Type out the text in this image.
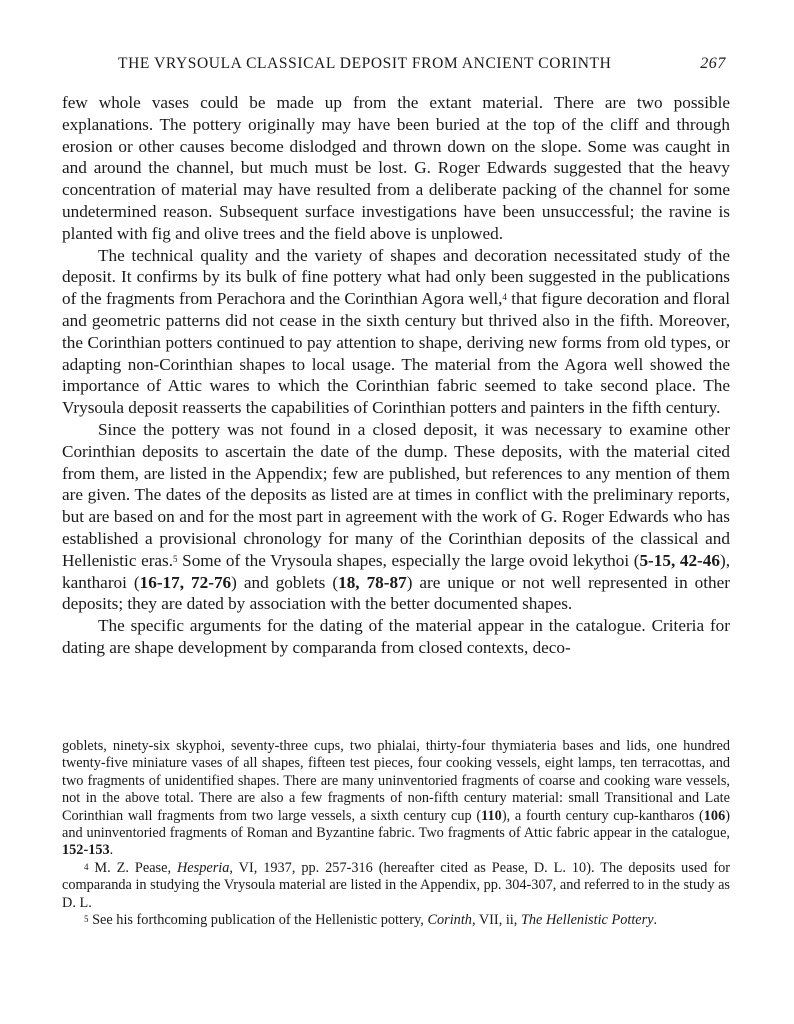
THE VRYSOULA CLASSICAL DEPOSIT FROM ANCIENT CORINTH	267

few whole vases could be made up from the extant material. There are two possible explanations. The pottery originally may have been buried at the top of the cliff and through erosion or other causes become dislodged and thrown down on the slope. Some was caught in and around the channel, but much must be lost. G. Roger Edwards suggested that the heavy concentration of material may have resulted from a deliberate packing of the channel for some undetermined reason. Subsequent surface investigations have been unsuccessful; the ravine is planted with fig and olive trees and the field above is unplowed.

The technical quality and the variety of shapes and decoration necessitated study of the deposit. It confirms by its bulk of fine pottery what had only been suggested in the publications of the fragments from Perachora and the Corinthian Agora well,$^4$ that figure decoration and floral and geometric patterns did not cease in the sixth century but thrived also in the fifth. Moreover, the Corinthian potters continued to pay attention to shape, deriving new forms from old types, or adapting non-Corinthian shapes to local usage. The material from the Agora well showed the importance of Attic wares to which the Corinthian fabric seemed to take second place. The Vrysoula deposit reasserts the capabilities of Corinthian potters and painters in the fifth century.

Since the pottery was not found in a closed deposit, it was necessary to examine other Corinthian deposits to ascertain the date of the dump. These deposits, with the material cited from them, are listed in the Appendix; few are published, but references to any mention of them are given. The dates of the deposits as listed are at times in conflict with the preliminary reports, but are based on and for the most part in agreement with the work of G. Roger Edwards who has established a provisional chronology for many of the Corinthian deposits of the classical and Hellenistic eras.$^5$ Some of the Vrysoula shapes, especially the large ovoid lekythoi (5-15, 42-46), kantharoi (16-17, 72-76) and goblets (18, 78-87) are unique or not well represented in other deposits; they are dated by association with the better documented shapes.

The specific arguments for the dating of the material appear in the catalogue. Criteria for dating are shape development by comparanda from closed contexts, deco-

goblets, ninety-six skyphoi, seventy-three cups, two phialai, thirty-four thymiateria bases and lids, one hundred twenty-five miniature vases of all shapes, fifteen test pieces, four cooking vessels, eight lamps, ten terracottas, and two fragments of unidentified shapes. There are many uninventoried fragments of coarse and cooking ware vessels, not in the above total. There are also a few fragments of non-fifth century material: small Transitional and Late Corinthian wall fragments from two large vessels, a sixth century cup (110), a fourth century cup-kantharos (106) and uninventoried fragments of Roman and Byzantine fabric. Two fragments of Attic fabric appear in the catalogue, 152-153.

$^4$ M. Z. Pease, Hesperia, VI, 1937, pp. 257-316 (hereafter cited as Pease, D. L. 10). The deposits used for comparanda in studying the Vrysoula material are listed in the Appendix, pp. 304-307, and referred to in the study as D. L.

$^5$ See his forthcoming publication of the Hellenistic pottery, Corinth, VII, ii, The Hellenistic Pottery.
